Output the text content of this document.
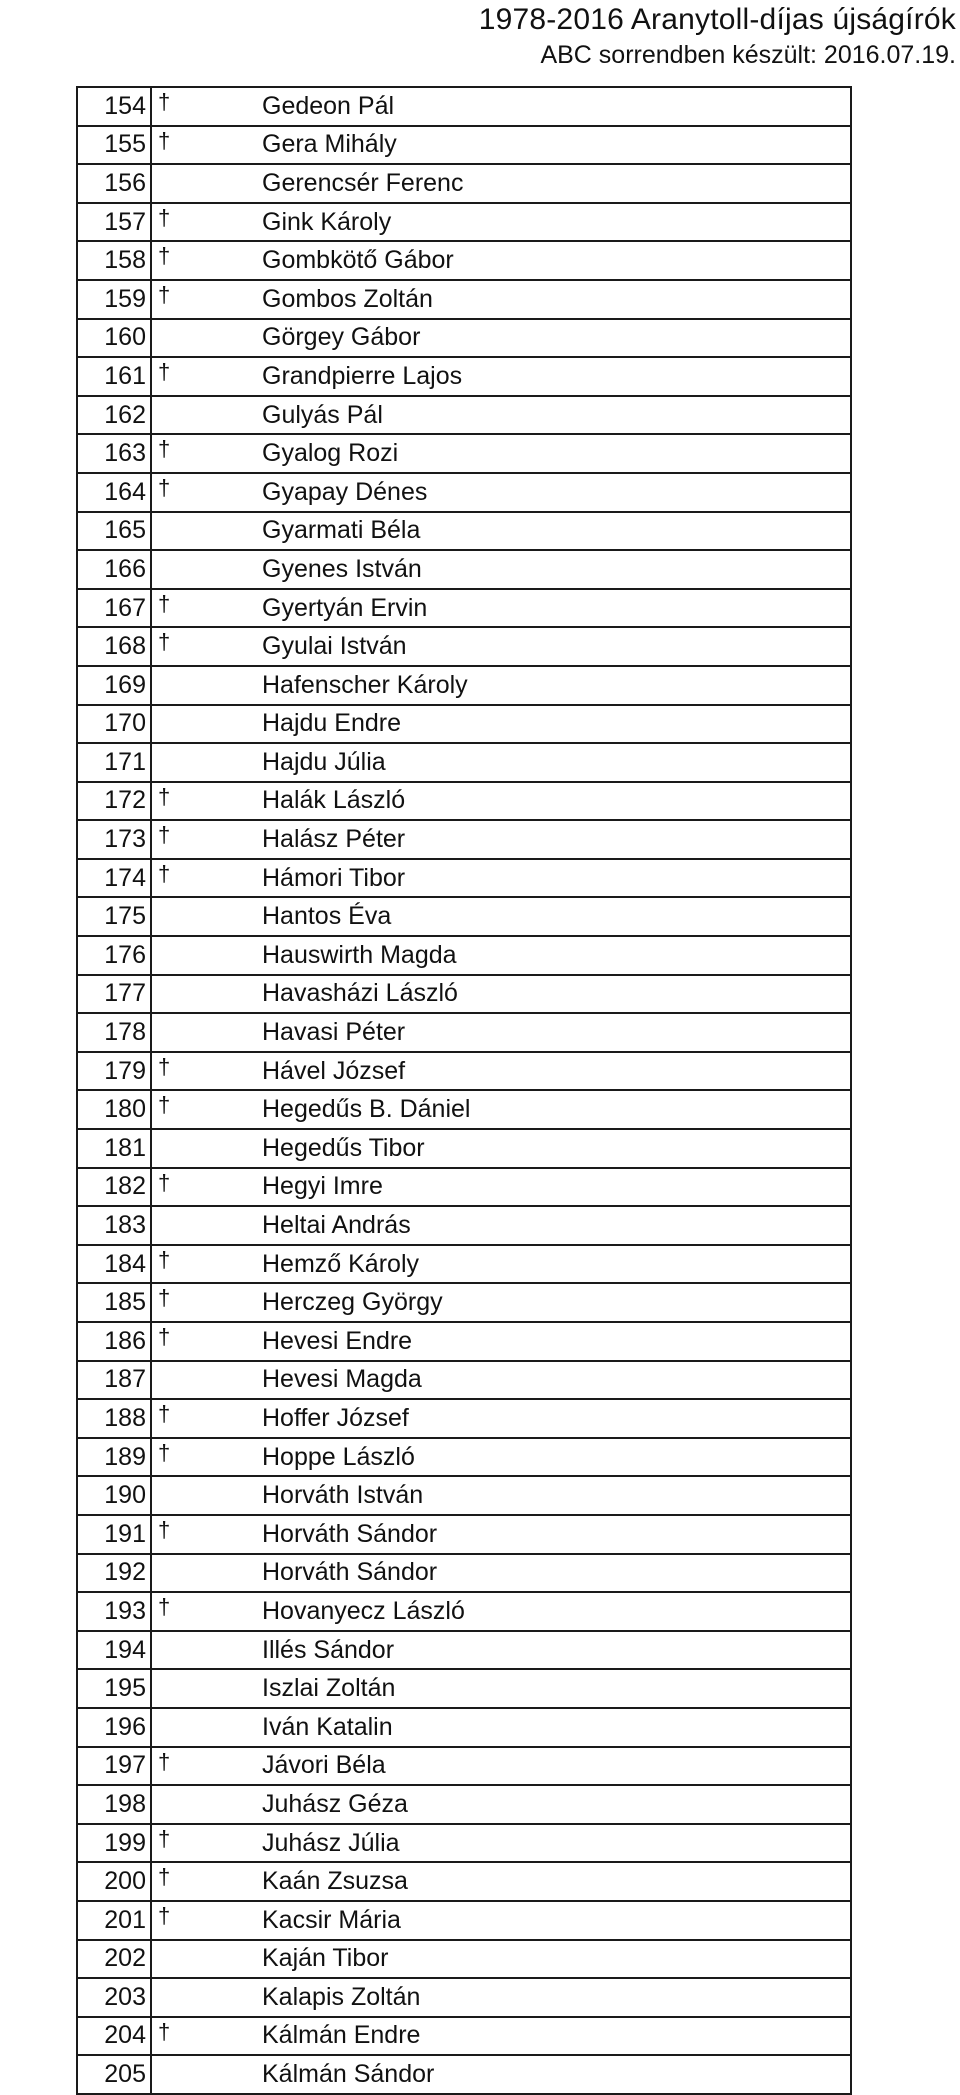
1978-2016 Aranytoll-díjas újságírók
ABC sorrendben készült: 2016.07.19.
154	†	Gedeon Pál
155	†	Gera Mihály
156		Gerencsér Ferenc
157	†	Gink Károly
158	†	Gombkötő Gábor
159	†	Gombos Zoltán
160		Görgey Gábor
161	†	Grandpierre Lajos
162		Gulyás Pál
163	†	Gyalog Rozi
164	†	Gyapay Dénes
165		Gyarmati Béla
166		Gyenes István
167	†	Gyertyán Ervin
168	†	Gyulai István
169		Hafenscher Károly
170		Hajdu Endre
171		Hajdu Júlia
172	†	Halák László
173	†	Halász Péter
174	†	Hámori Tibor
175		Hantos Éva
176		Hauswirth Magda
177		Havasházi László
178		Havasi Péter
179	†	Hável József
180	†	Hegedűs B. Dániel
181		Hegedűs Tibor
182	†	Hegyi Imre
183		Heltai András
184	†	Hemző Károly
185	†	Herczeg György
186	†	Hevesi Endre
187		Hevesi Magda
188	†	Hoffer József
189	†	Hoppe László
190		Horváth István
191	†	Horváth Sándor
192		Horváth Sándor
193	†	Hovanyecz László
194		Illés Sándor
195		Iszlai Zoltán
196		Iván Katalin
197	†	Jávori Béla
198		Juhász Géza
199	†	Juhász Júlia
200	†	Kaán Zsuzsa
201	†	Kacsir Mária
202		Kaján Tibor
203		Kalapis Zoltán
204	†	Kálmán Endre
205		Kálmán Sándor
